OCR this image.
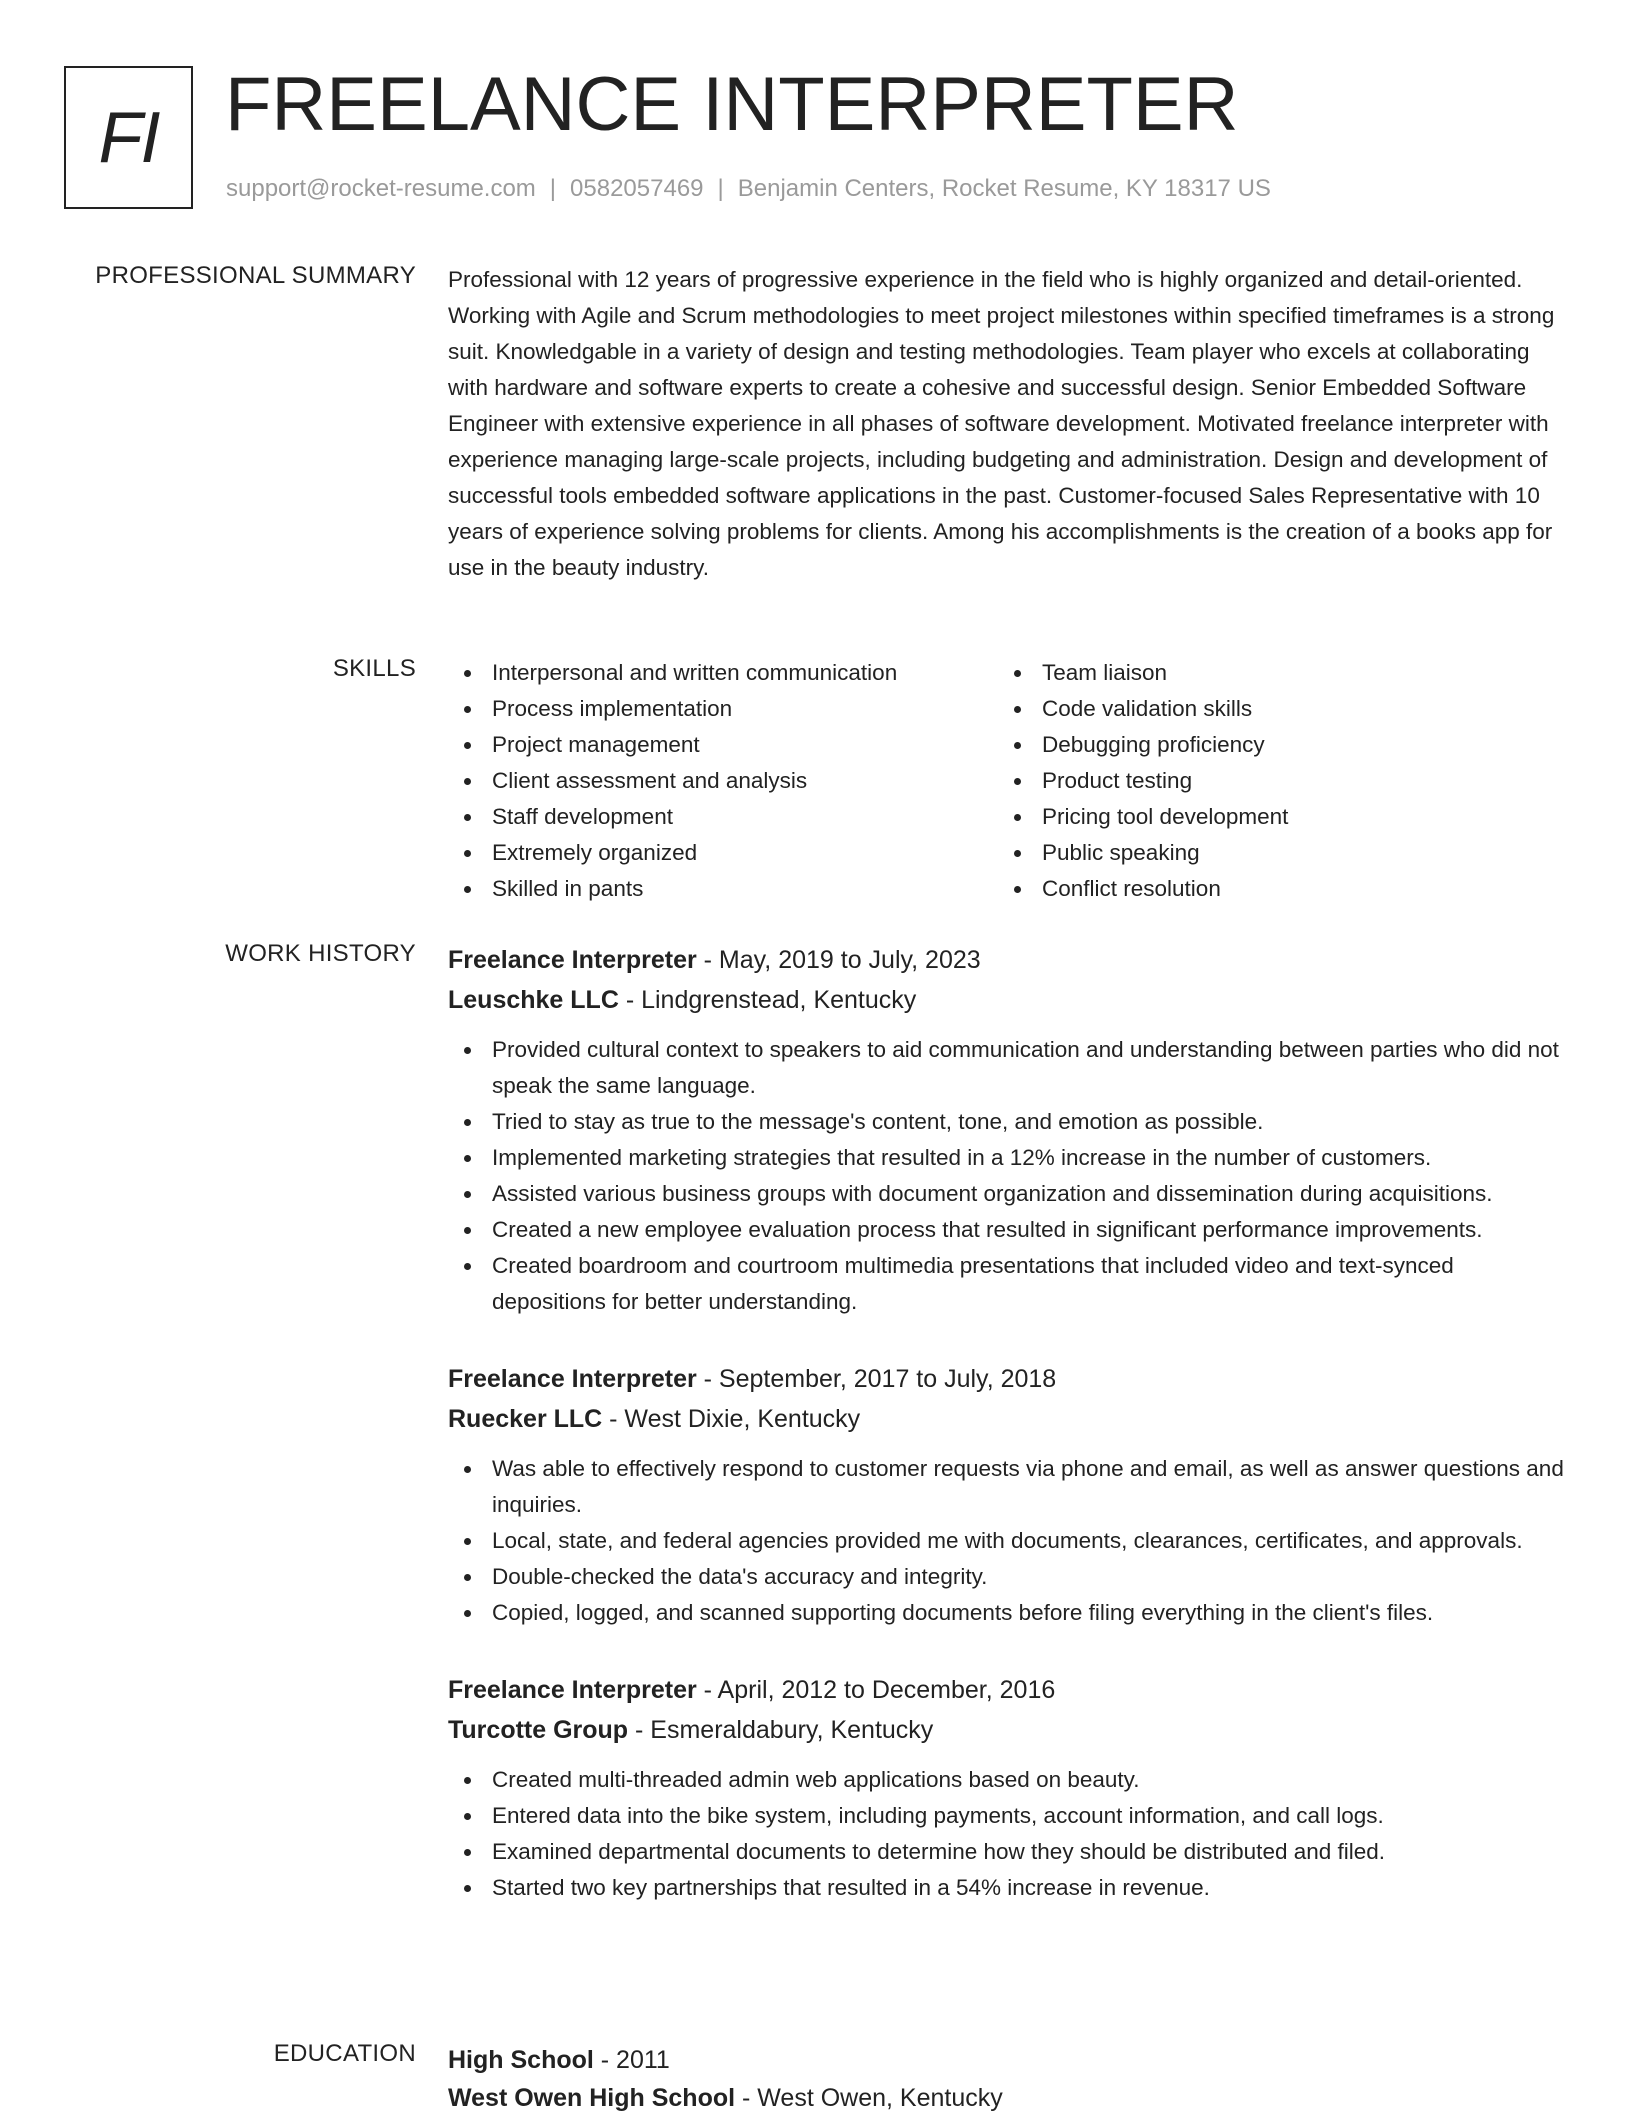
FI FREELANCE INTERPRETER
support@rocket-resume.com | 0582057469 | Benjamin Centers, Rocket Resume, KY 18317 US
PROFESSIONAL SUMMARY Professional with 12 years of progressive experience in the field who is highly organized and detail-oriented. Working with Agile and Scrum methodologies to meet project milestones within specified timeframes is a strong suit. Knowledgable in a variety of design and testing methodologies. Team player who excels at collaborating with hardware and software experts to create a cohesive and successful design. Senior Embedded Software Engineer with extensive experience in all phases of software development. Motivated freelance interpreter with experience managing large-scale projects, including budgeting and administration. Design and development of successful tools embedded software applications in the past. Customer-focused Sales Representative with 10 years of experience solving problems for clients. Among his accomplishments is the creation of a books app for use in the beauty industry.
SKILLS	Interpersonal and written communication
Process implementation
Project management
Client assessment and analysis
Staff development
Extremely organized
Skilled in pants
Team liaison
Code validation skills
Debugging proficiency
Product testing
Pricing tool development
Public speaking
Conflict resolution
WORK HISTORY Freelance Interpreter - May, 2019 to July, 2023
Leuschke LLC - Lindgrenstead, Kentucky
Provided cultural context to speakers to aid communication and understanding between parties who did not speak the same language.
Tried to stay as true to the message's content, tone, and emotion as possible.
Implemented marketing strategies that resulted in a 12% increase in the number of customers.
Assisted various business groups with document organization and dissemination during acquisitions.
Created a new employee evaluation process that resulted in significant performance improvements.
Created boardroom and courtroom multimedia presentations that included video and text-synced depositions for better understanding.
Freelance Interpreter - September, 2017 to July, 2018
Ruecker LLC - West Dixie, Kentucky
Was able to effectively respond to customer requests via phone and email, as well as answer questions and inquiries.
Local, state, and federal agencies provided me with documents, clearances, certificates, and approvals.
Double-checked the data's accuracy and integrity.
Copied, logged, and scanned supporting documents before filing everything in the client's files.
Freelance Interpreter - April, 2012 to December, 2016
Turcotte Group - Esmeraldabury, Kentucky
Created multi-threaded admin web applications based on beauty.
Entered data into the bike system, including payments, account information, and call logs.
Examined departmental documents to determine how they should be distributed and filed.
Started two key partnerships that resulted in a 54% increase in revenue.
EDUCATION High School - 2011
West Owen High School - West Owen, Kentucky
